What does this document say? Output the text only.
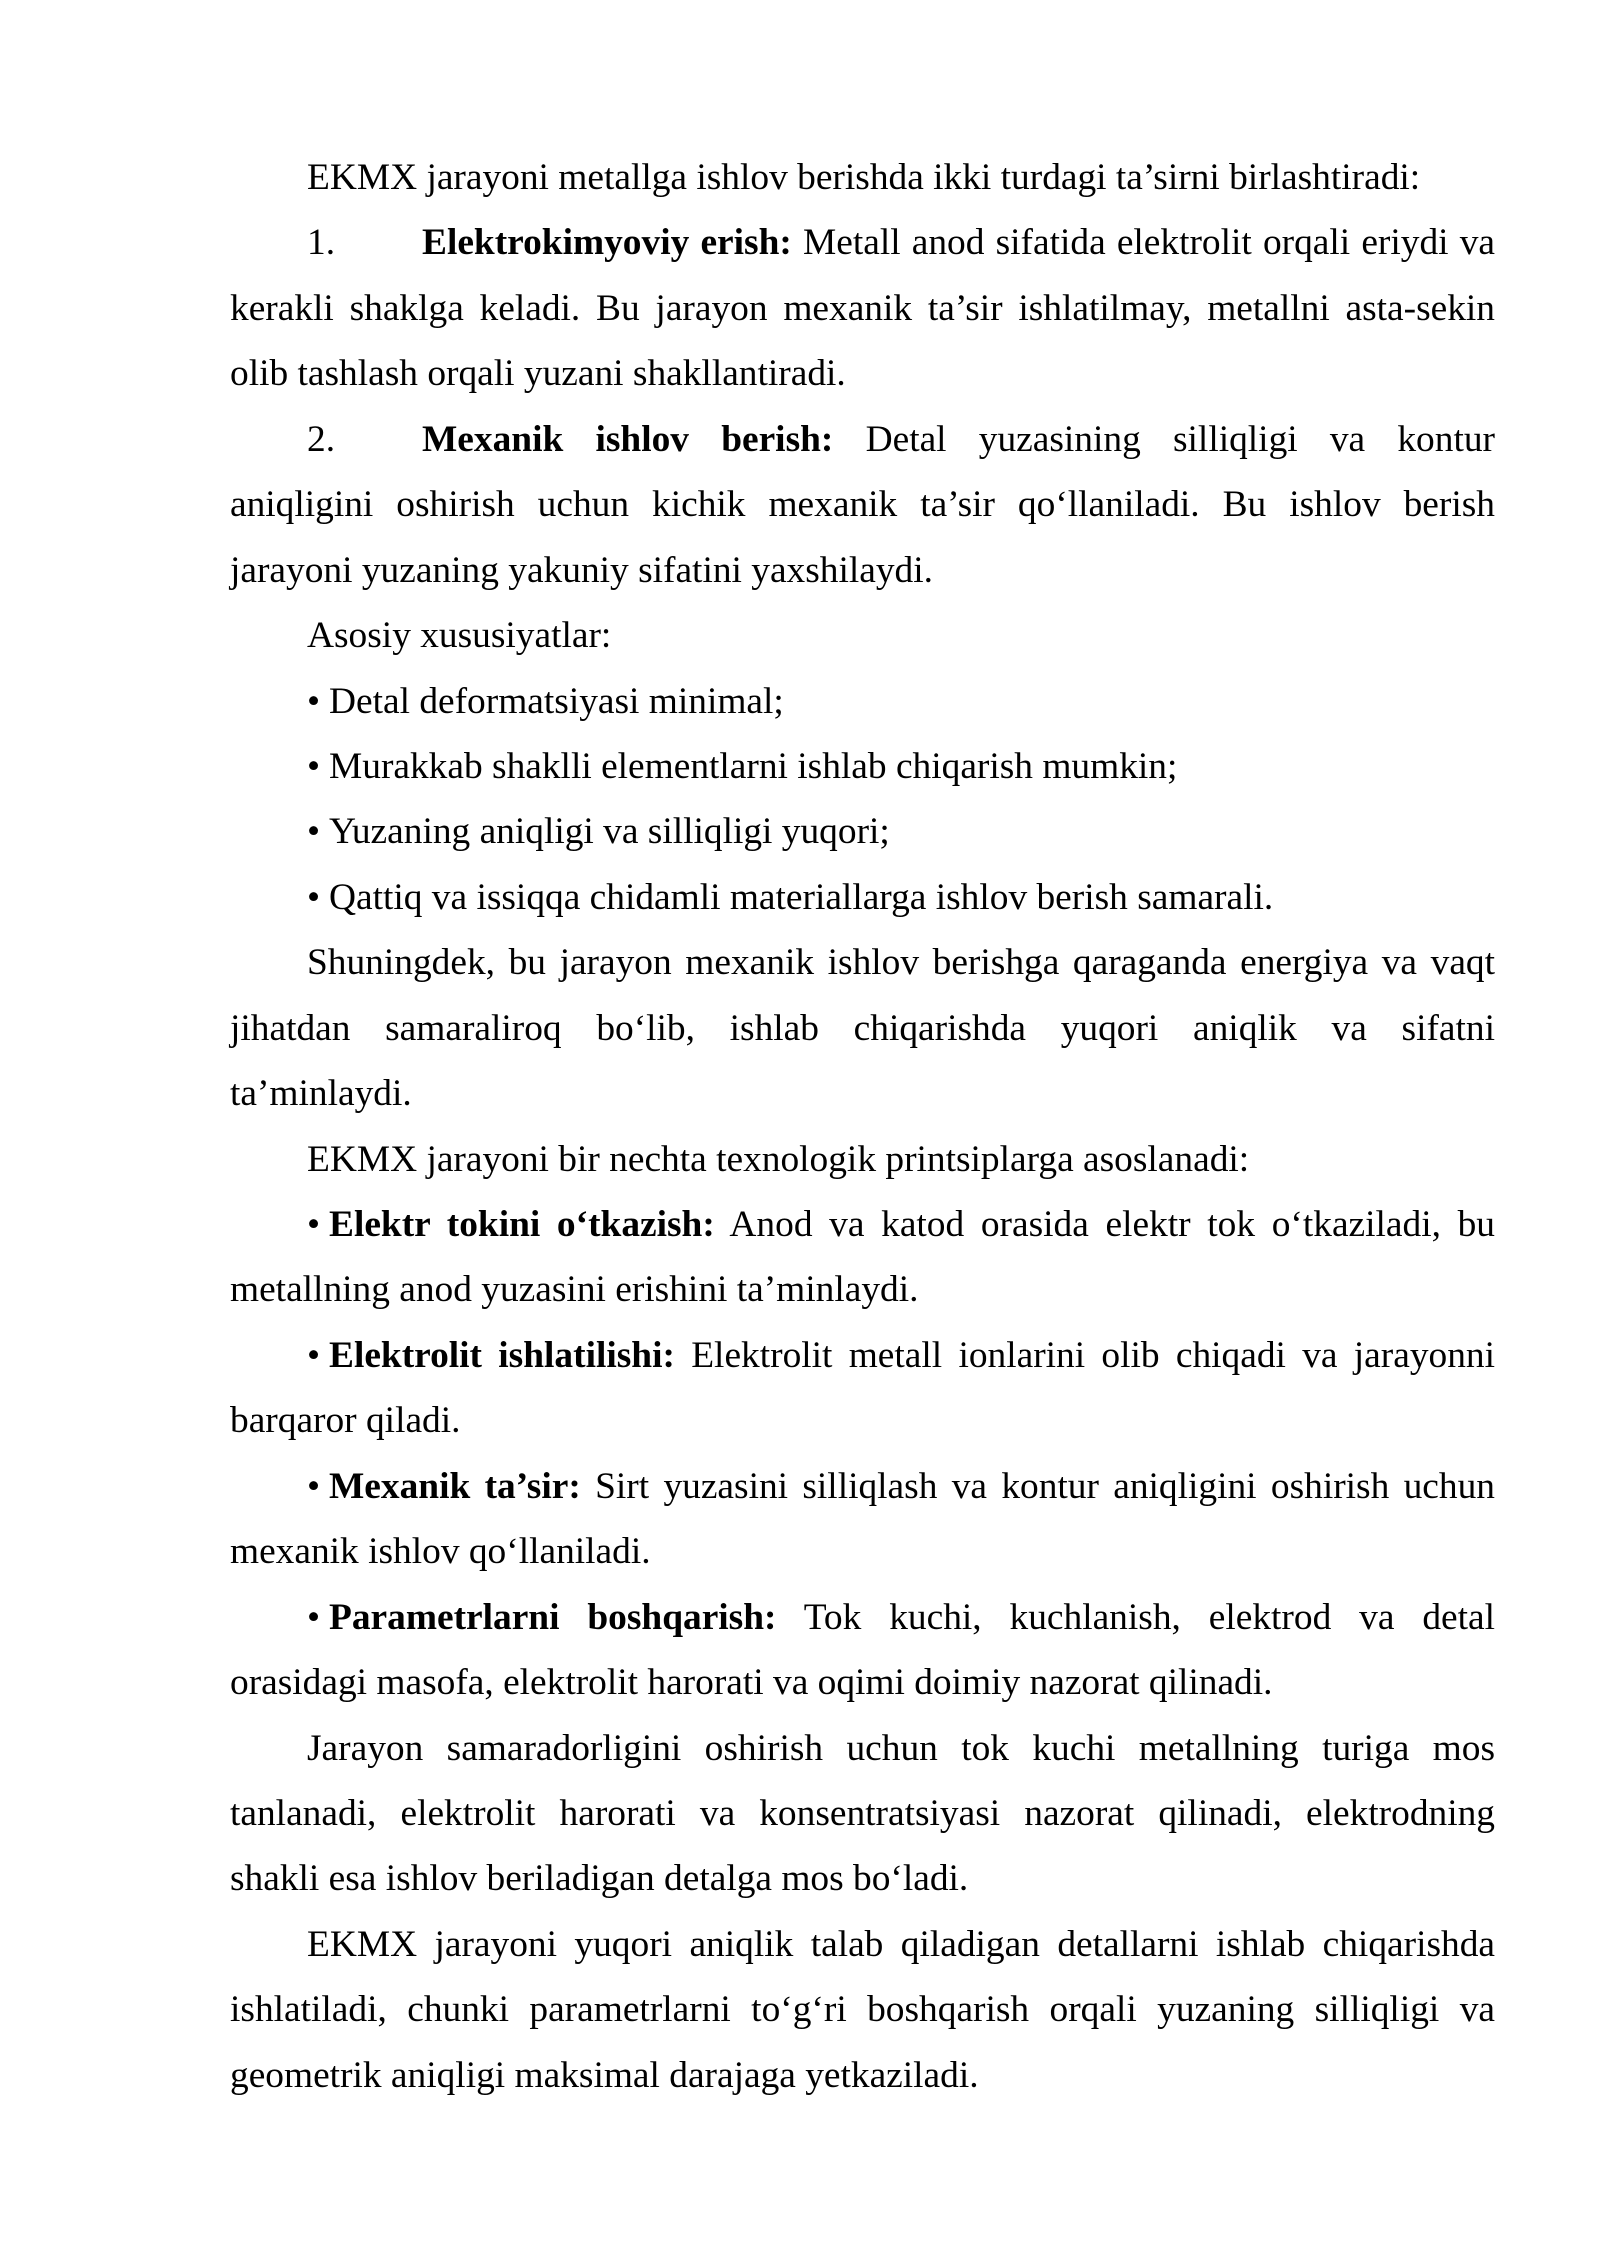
EKMX jarayoni metallga ishlov berishda ikki turdagi ta’sirni birlashtiradi:
1. Elektrokimyoviy erish: Metall anod sifatida elektrolit orqali eriydi va
kerakli shaklga keladi. Bu jarayon mexanik ta’sir ishlatilmay, metallni asta-sekin
olib tashlash orqali yuzani shakllantiradi.
2. Mexanik ishlov berish: Detal yuzasining silliqligi va kontur
aniqligini oshirish uchun kichik mexanik ta’sir qo‘llaniladi. Bu ishlov berish
jarayoni yuzaning yakuniy sifatini yaxshilaydi.
Asosiy xususiyatlar:
• Detal deformatsiyasi minimal;
• Murakkab shaklli elementlarni ishlab chiqarish mumkin;
• Yuzaning aniqligi va silliqligi yuqori;
• Qattiq va issiqqa chidamli materiallarga ishlov berish samarali.
Shuningdek, bu jarayon mexanik ishlov berishga qaraganda energiya va vaqt
jihatdan samaraliroq bo‘lib, ishlab chiqarishda yuqori aniqlik va sifatni
ta’minlaydi.
EKMX jarayoni bir nechta texnologik printsiplarga asoslanadi:
• Elektr tokini o‘tkazish: Anod va katod orasida elektr tok o‘tkaziladi, bu
metallning anod yuzasini erishini ta’minlaydi.
• Elektrolit ishlatilishi: Elektrolit metall ionlarini olib chiqadi va jarayonni
barqaror qiladi.
• Mexanik ta’sir: Sirt yuzasini silliqlash va kontur aniqligini oshirish uchun
mexanik ishlov qo‘llaniladi.
• Parametrlarni boshqarish: Tok kuchi, kuchlanish, elektrod va detal
orasidagi masofa, elektrolit harorati va oqimi doimiy nazorat qilinadi.
Jarayon samaradorligini oshirish uchun tok kuchi metallning turiga mos
tanlanadi, elektrolit harorati va konsentratsiyasi nazorat qilinadi, elektrodning
shakli esa ishlov beriladigan detalga mos bo‘ladi.
EKMX jarayoni yuqori aniqlik talab qiladigan detallarni ishlab chiqarishda
ishlatiladi, chunki parametrlarni to‘g‘ri boshqarish orqali yuzaning silliqligi va
geometrik aniqligi maksimal darajaga yetkaziladi.
